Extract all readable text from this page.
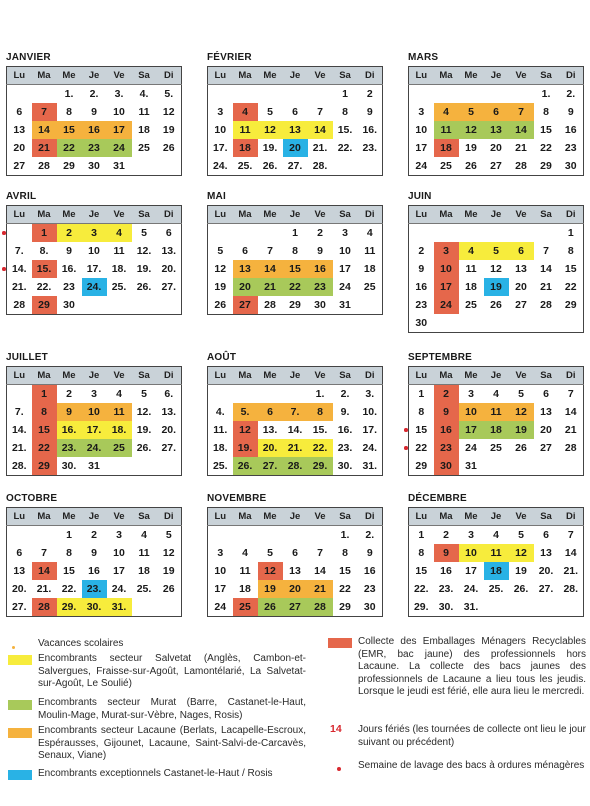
JANVIER
Lu	Ma	Me	Je	Ve	Sa	Di
		1.	2.	3.	4.	5.
6	7	8	9	10	11	12
13	14	15	16	17	18	19
20	21	22	23	24	25	26
27	28	29	30	31		
FÉVRIER
Lu	Ma	Me	Je	Ve	Sa	Di
					1	2
3	4	5	6	7	8	9
10	11	12	13	14	15.	16.
17.	18	19.	20	21.	22.	23.
24.	25.	26.	27.	28.		
MARS
Lu	Ma	Me	Je	Ve	Sa	Di
					1.	2.
3	4	5	6	7	8	9
10	11	12	13	14	15	16
17	18	19	20	21	22	23
24	25	26	27	28	29	30
AVRIL
Lu	Ma	Me	Je	Ve	Sa	Di

	1	2	3	4	5	6
7.	8.	9	10	11	12.	13.
14.	15.	16.	17.	18.	19.	20.
21.	22.	23	24.	25.	26.	27.
28	29	30				
MAI
Lu	Ma	Me	Je	Ve	Sa	Di
			1	2	3	4
5	6	7	8	9	10	11
12	13	14	15	16	17	18
19	20	21	22	23	24	25
26	27	28	29	30	31	
JUIN
Lu	Ma	Me	Je	Ve	Sa	Di
						1
2	3	4	5	6	7	8
9	10	11	12	13	14	15
16	17	18	19	20	21	22
23	24	25	26	27	28	29
30						
JUILLET
Lu	Ma	Me	Je	Ve	Sa	Di
	1	2	3	4	5	6.
7.	8	9	10	11	12.	13.
14.	15	16.	17.	18.	19.	20.
21.	22	23.	24.	25	26.	27.
28.	29	30.	31			
AOÛT
Lu	Ma	Me	Je	Ve	Sa	Di
				1.	2.	3.
4.	5.	6	7.	8	9.	10.
11.	12	13.	14.	15.	16.	17.
18.	19.	20.	21.	22.	23.	24.
25.	26.	27.	28.	29.	30.	31.
SEPTEMBRE
Lu	Ma	Me	Je	Ve	Sa	Di
1	2	3	4	5	6	7
8	9	10	11	12	13	14
15	16	17	18	19	20	21
22	23	24	25	26	27	28
29	30	31				
OCTOBRE
Lu	Ma	Me	Je	Ve	Sa	Di
		1	2	3	4	5
6	7	8	9	10	11	12
13	14	15	16	17	18	19
20.	21.	22.	23.	24.	25.	26
27.	28	29.	30.	31.		
NOVEMBRE
Lu	Ma	Me	Je	Ve	Sa	Di
					1.	2.
3	4	5	6	7	8	9
10	11	12	13	14	15	16
17	18	19	20	21	22	23
24	25	26	27	28	29	30
DÉCEMBRE
Lu	Ma	Me	Je	Ve	Sa	Di
1	2	3	4	5	6	7
8	9	10	11	12	13	14
15	16	17	18	19	20.	21.
22.	23.	24.	25.	26.	27.	28.
29.	30.	31.				
Vacances scolaires
Encombrants secteur Salvetat (Anglès, Cambon-et-Salvergues, Fraisse-sur-Agoût, Lamontélarié, La Salvetat-sur-Agoût, Le Soulié)
Encombrants secteur Murat (Barre, Castanet-le-Haut, Moulin-Mage, Murat-sur-Vèbre, Nages, Rosis)
Encombrants secteur Lacaune (Berlats, Lacapelle-Escroux, Espérausses, Gijounet, Lacaune, Saint-Salvi-de-Carcavès, Senaux, Viane)
Encombrants exceptionnels Castanet-le-Haut / Rosis
Collecte des Emballages Ménagers Recyclables (EMR, bac jaune) des professionnels hors Lacaune. La collecte des bacs jaunes des professionnels de Lacaune a lieu tous les jeudis. Lorsque le jeudi est férié, elle aura lieu le mercredi.
14 Jours fériés (les tournées de collecte ont lieu le jour suivant ou précédent)
Semaine de lavage des bacs à ordures ménagères
